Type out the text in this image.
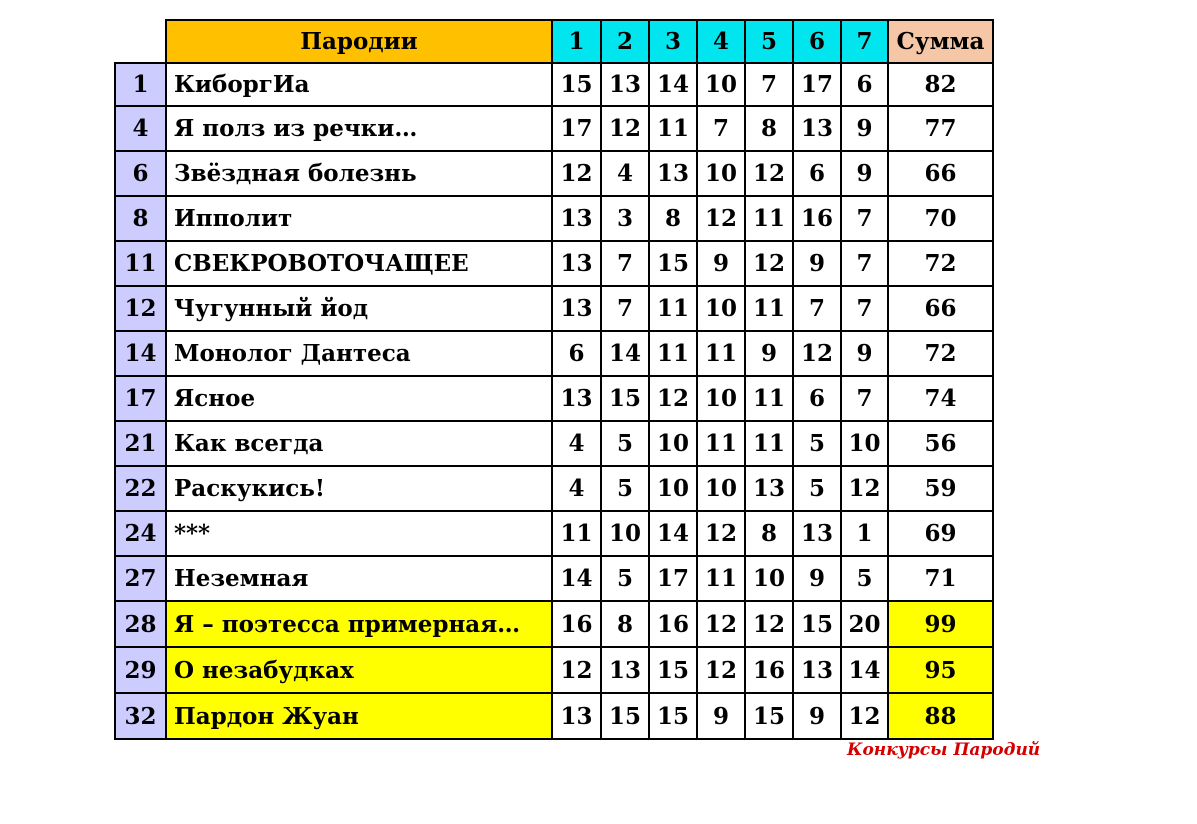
	Пародии	1	2	3	4	5	6	7	Сумма
1	КиборгИа	15	13	14	10	7	17	6	82
4	Я полз из речки…	17	12	11	7	8	13	9	77
6	Звёздная болезнь	12	4	13	10	12	6	9	66
8	Ипполит	13	3	8	12	11	16	7	70
11	СВЕКРОВОТОЧАЩЕЕ	13	7	15	9	12	9	7	72
12	Чугунный йод	13	7	11	10	11	7	7	66
14	Монолог Дантеса	6	14	11	11	9	12	9	72
17	Ясное	13	15	12	10	11	6	7	74
21	Как всегда	4	5	10	11	11	5	10	56
22	Раскукись!	4	5	10	10	13	5	12	59
24	***	11	10	14	12	8	13	1	69
27	Неземная	14	5	17	11	10	9	5	71
28	Я – поэтесса примерная…	16	8	16	12	12	15	20	99
29	О незабудках	12	13	15	12	16	13	14	95
32	Пардон Жуан	13	15	15	9	15	9	12	88
Конкурсы Пародий
